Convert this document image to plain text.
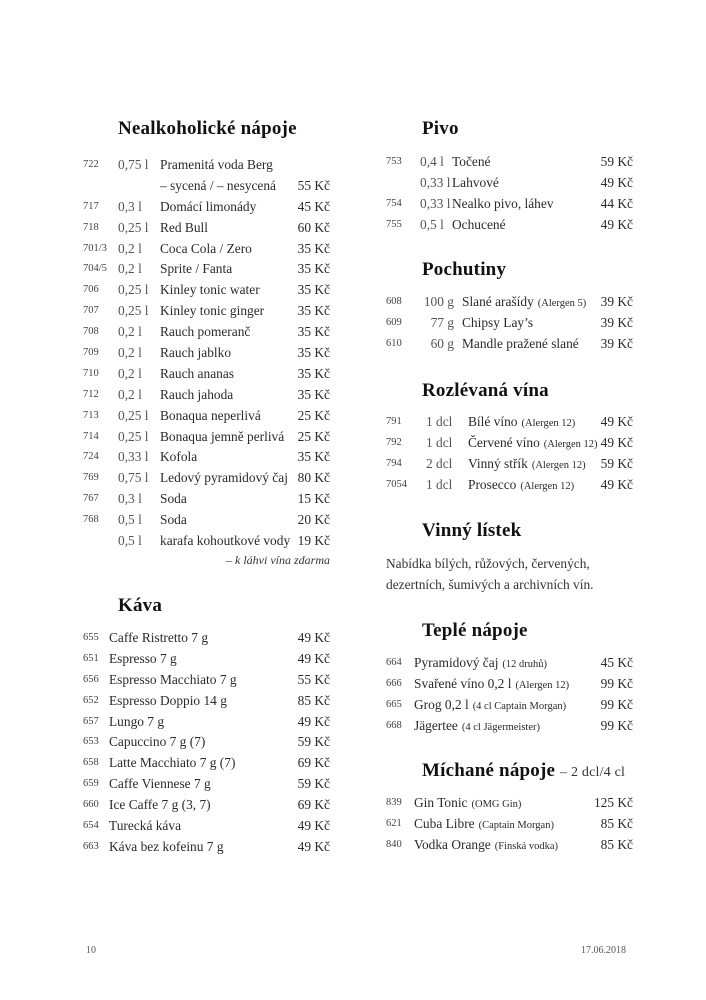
Nealkoholické nápoje
722 0,75 l Pramenitá voda Berg
– sycená / – nesycená 55 Kč
717 0,3 l Domácí limonády	45 Kč
718 0,25 l Red Bull	60 Kč
701/3 0,2 l Coca Cola / Zero	35 Kč
704/5 0,2 l Sprite / Fanta	35 Kč
706 0,25 l Kinley tonic water	35 Kč
707 0,25 l Kinley tonic ginger	35 Kč
708 0,2 l Rauch pomeranč	35 Kč
709 0,2 l Rauch jablko	35 Kč
710 0,2 l Rauch ananas	35 Kč
712 0,2 l Rauch jahoda	35 Kč
713 0,25 l Bonaqua neperlivá	25 Kč
714 0,25 l Bonaqua jemně perlivá 25 Kč
724 0,33 l Kofola	35 Kč
769 0,75 l Ledový pyramidový čaj 80 Kč
767 0,3 l Soda	15 Kč
768 0,5 l Soda	20 Kč
0,5 l karafa kohoutkové vody 19 Kč
– k láhvi vína zdarma
Káva
655 Caffe Ristretto 7 g	49 Kč
651 Espresso 7 g	49 Kč
656 Espresso Macchiato 7 g	55 Kč
652 Espresso Doppio 14 g	85 Kč
657 Lungo 7 g	49 Kč
653 Capuccino 7 g (7)	59 Kč
658 Latte Macchiato 7 g (7)	69 Kč
659 Caffe Viennese 7 g	59 Kč
660 Ice Caffe 7 g (3, 7)	69 Kč
654 Turecká káva	49 Kč
663 Káva bez kofeinu 7 g	49 Kč
Pivo
753 0,4 l Točené	59 Kč
0,33 l Lahvové	49 Kč
754 0,33 l Nealko pivo, láhev	44 Kč
755 0,5 l Ochucené	49 Kč
Pochutiny
608	100 g Slané arašídy (Alergen 5) 39 Kč
609	77 g Chipsy Lay’s	39 Kč
610	60 g Mandle pražené slané 39 Kč
Rozlévaná vína
791 1 dcl Bílé víno (Alergen 12) 49 Kč
792 1 dcl Červené víno (Alergen 12) 49 Kč
794 2 dcl Vinný střík (Alergen 12) 59 Kč
7054 1 dcl Prosecco (Alergen 12) 49 Kč
Vinný lístek
Nabídka bílých, růžových, červených, dezertních, šumivých a archivních vín.
Teplé nápoje
664 Pyramidový čaj (12 druhů)	45 Kč
666 Svařené víno 0,2 l (Alergen 12) 99 Kč
665 Grog 0,2 l (4 cl Captain Morgan)	99 Kč
668 Jägertee (4 cl Jägermeister)	99 Kč
Míchané nápoje – 2 dcl/4 cl
839 Gin Tonic (OMG Gin)	125 Kč
621 Cuba Libre (Captain Morgan)	85 Kč
840 Vodka Orange (Finská vodka)	85 Kč
10	17.06.2018
